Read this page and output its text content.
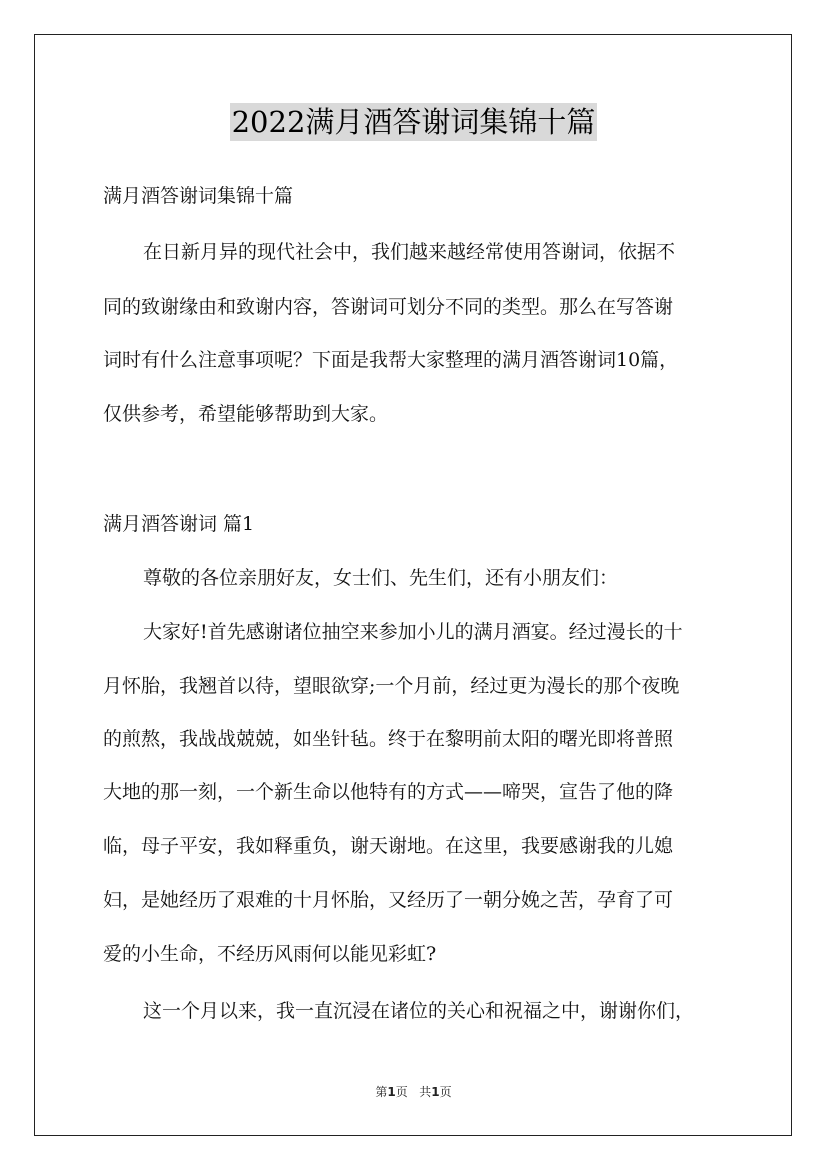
2022满月酒答谢词集锦十篇
满月酒答谢词集锦十篇
在日新月异的现代社会中，我们越来越经常使用答谢词，依据不
同的致谢缘由和致谢内容，答谢词可划分不同的类型。那么在写答谢
词时有什么注意事项呢？下面是我帮大家整理的满月酒答谢词10篇，
仅供参考，希望能够帮助到大家。
满月酒答谢词 篇1
尊敬的各位亲朋好友，女士们、先生们，还有小朋友们：
大家好!首先感谢诸位抽空来参加小儿的满月酒宴。经过漫长的十
月怀胎，我翘首以待，望眼欲穿;一个月前，经过更为漫长的那个夜晚
的煎熬，我战战兢兢，如坐针毡。终于在黎明前太阳的曙光即将普照
大地的那一刻，一个新生命以他特有的方式——啼哭，宣告了他的降
临，母子平安，我如释重负，谢天谢地。在这里，我要感谢我的儿媳
妇，是她经历了艰难的十月怀胎，又经历了一朝分娩之苦，孕育了可
爱的小生命，不经历风雨何以能见彩虹?
这一个月以来，我一直沉浸在诸位的关心和祝福之中，谢谢你们，
第1页 共1页
